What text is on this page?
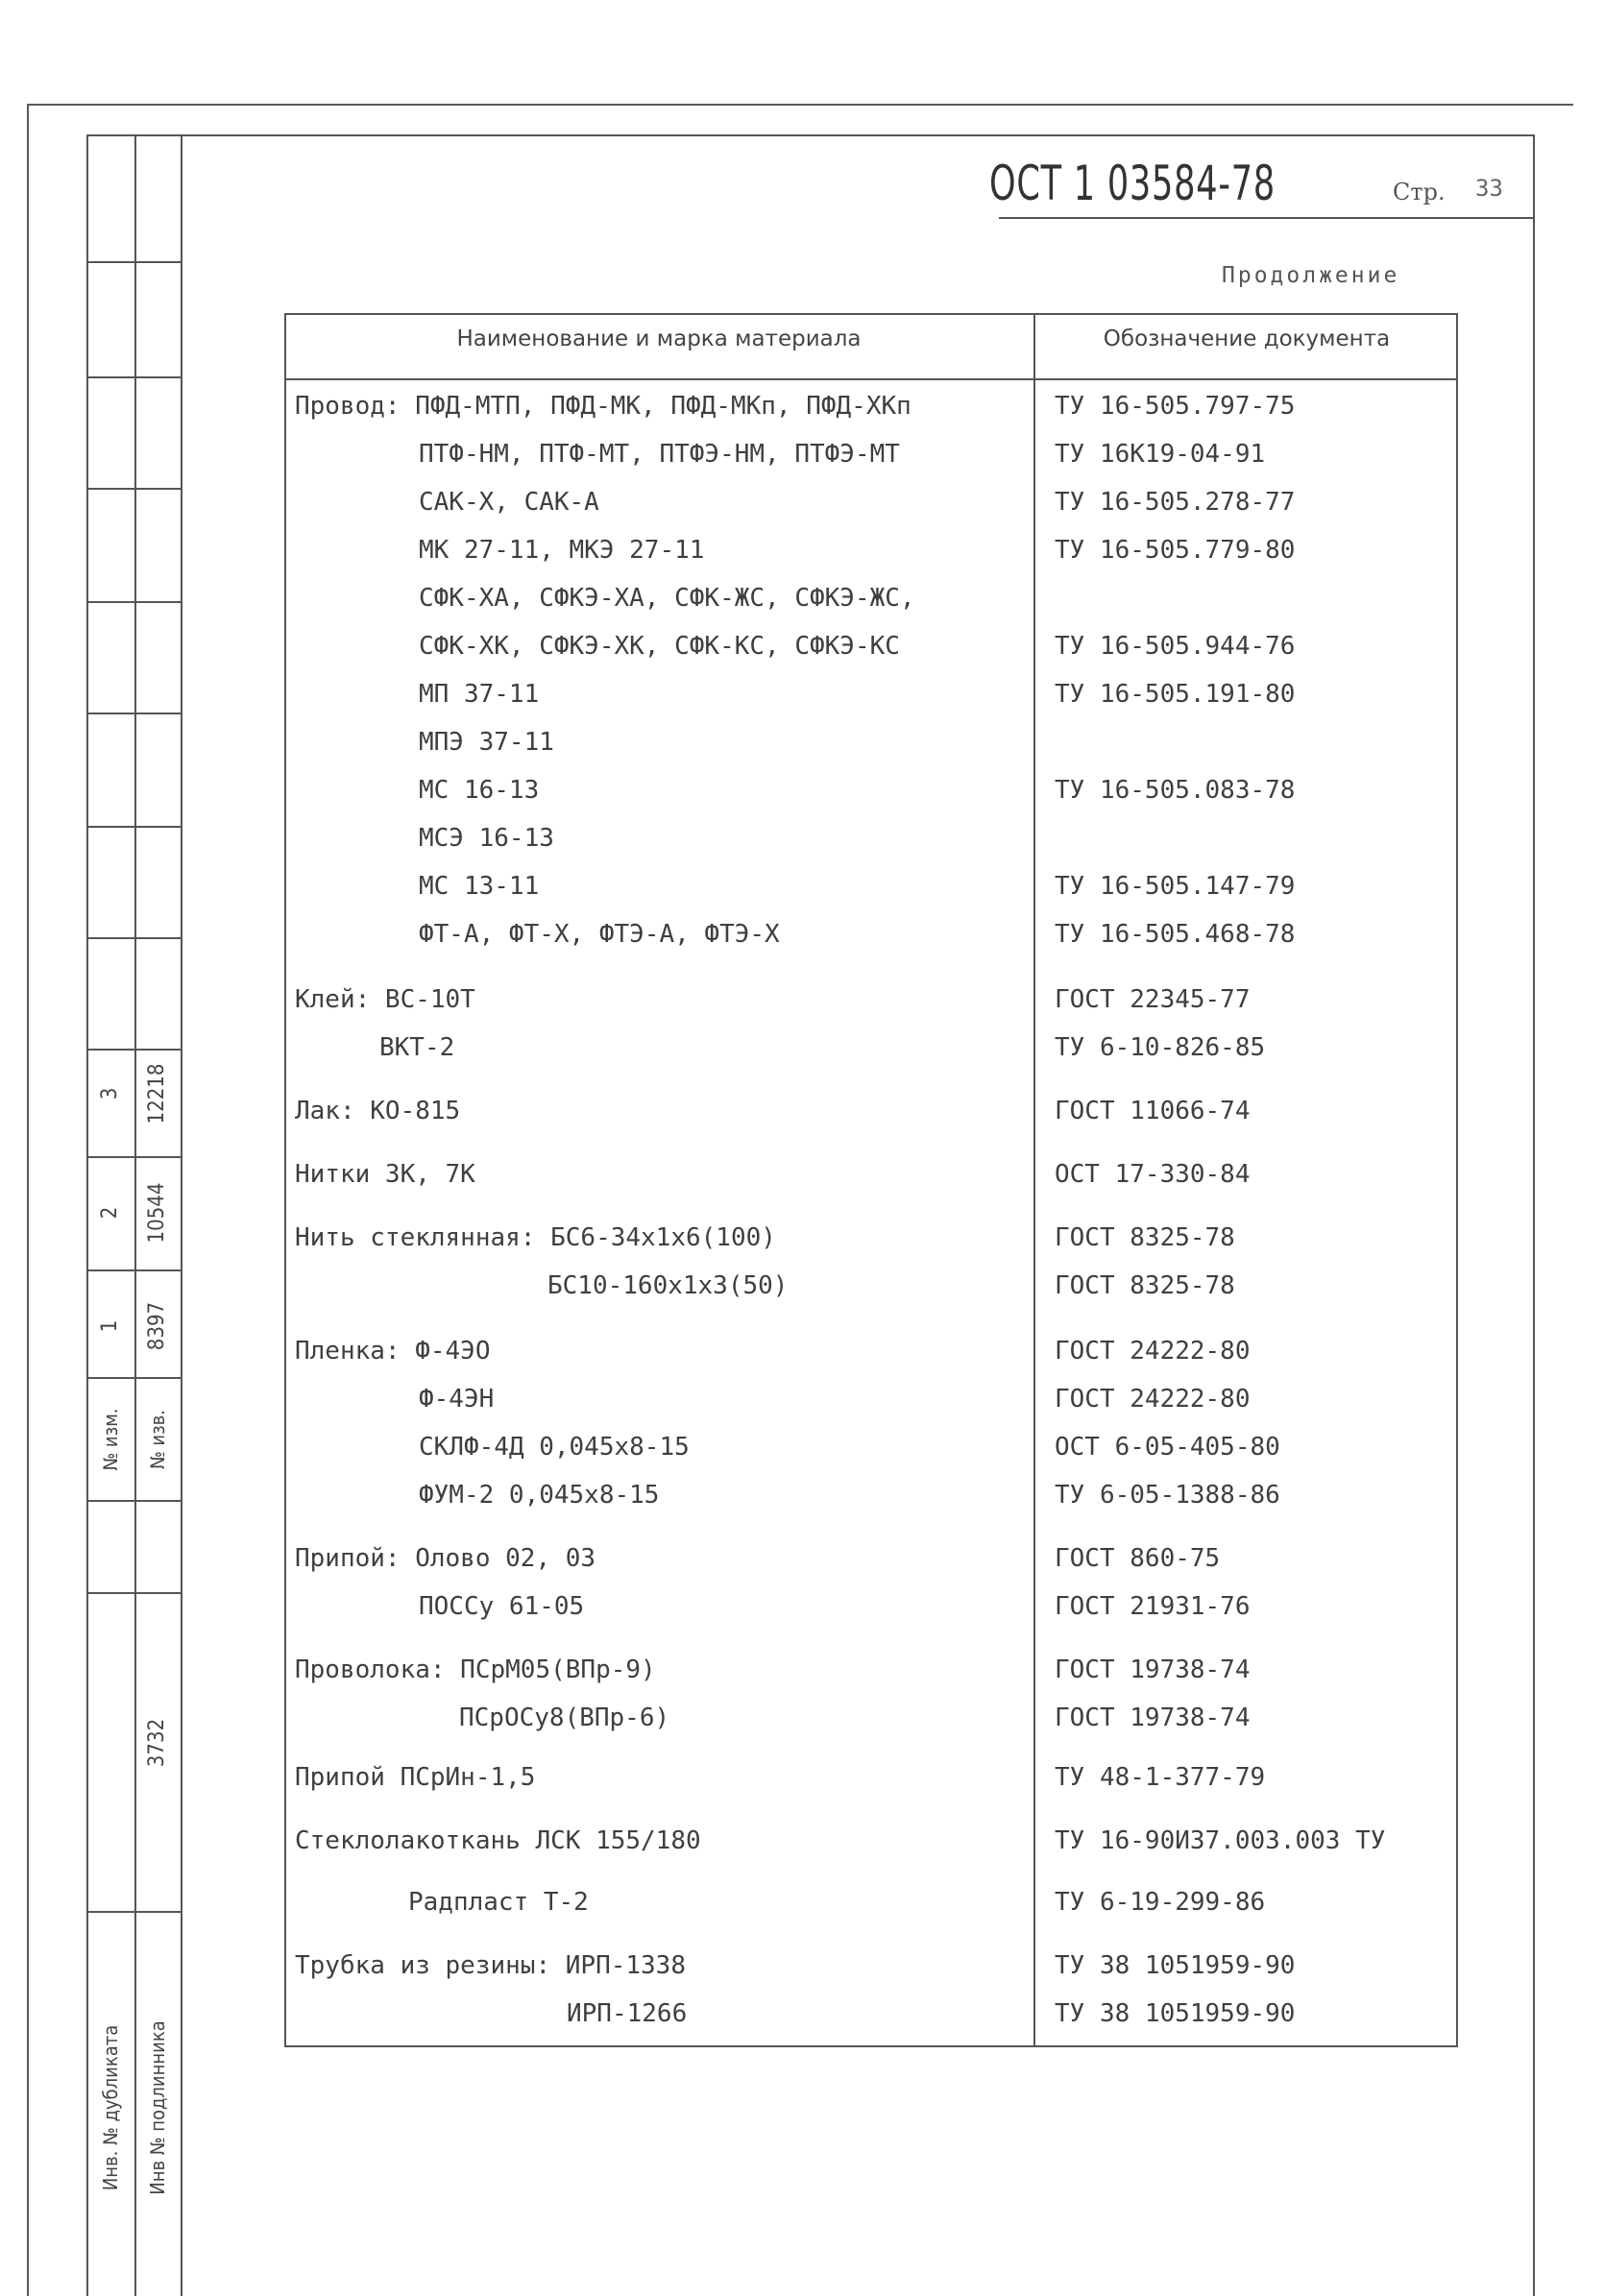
3 12218
2 10544
1 8397
№ изм. № изв.
3732
Инв. № дубликата Инв № подлинника
ОСТ 1 03584-78	Стр. 33
Продолжение
Наименование и марка материала	Обозначение документа
Провод: ПФД-МТП, ПФД-МК, ПФД-МКп, ПФД-ХКп	ТУ 16-505.797-75
ПТФ-НМ, ПТФ-МТ, ПТФЭ-НМ, ПТФЭ-МТ	ТУ 16К19-04-91
САК-Х, САК-А	ТУ 16-505.278-77
МК 27-11, МКЭ 27-11	ТУ 16-505.779-80
СФК-ХА, СФКЭ-ХА, СФК-ЖС, СФКЭ-ЖС,
СФК-ХК, СФКЭ-ХК, СФК-КС, СФКЭ-КС	ТУ 16-505.944-76
МП 37-11	ТУ 16-505.191-80
МПЭ 37-11
МС 16-13	ТУ 16-505.083-78
МСЭ 16-13
МС 13-11	ТУ 16-505.147-79
ФТ-А, ФТ-Х, ФТЭ-А, ФТЭ-Х	ТУ 16-505.468-78
Клей: ВС-10Т	ГОСТ 22345-77
ВКТ-2	ТУ 6-10-826-85
Лак: КО-815	ГОСТ 11066-74
Нитки 3К, 7К	ОСТ 17-330-84
Нить стеклянная: БС6-34х1х6(100)	ГОСТ 8325-78
БС10-160х1х3(50)	ГОСТ 8325-78
Пленка: Ф-4ЭО	ГОСТ 24222-80
Ф-4ЭН	ГОСТ 24222-80
СКЛФ-4Д 0,045х8-15	ОСТ 6-05-405-80
ФУМ-2 0,045х8-15	ТУ 6-05-1388-86
Припой: Олово 02, 03	ГОСТ 860-75
ПОССу 61-05	ГОСТ 21931-76
Проволока: ПСрМ05(ВПр-9)	ГОСТ 19738-74
ПСрОСу8(ВПр-6)	ГОСТ 19738-74
Припой ПСрИн-1,5	ТУ 48-1-377-79
Стеклолакоткань ЛСК 155/180	ТУ 16-90И37.003.003 ТУ
Радпласт Т-2	ТУ 6-19-299-86
Трубка из резины: ИРП-1338	ТУ 38 1051959-90
ИРП-1266	ТУ 38 1051959-90
